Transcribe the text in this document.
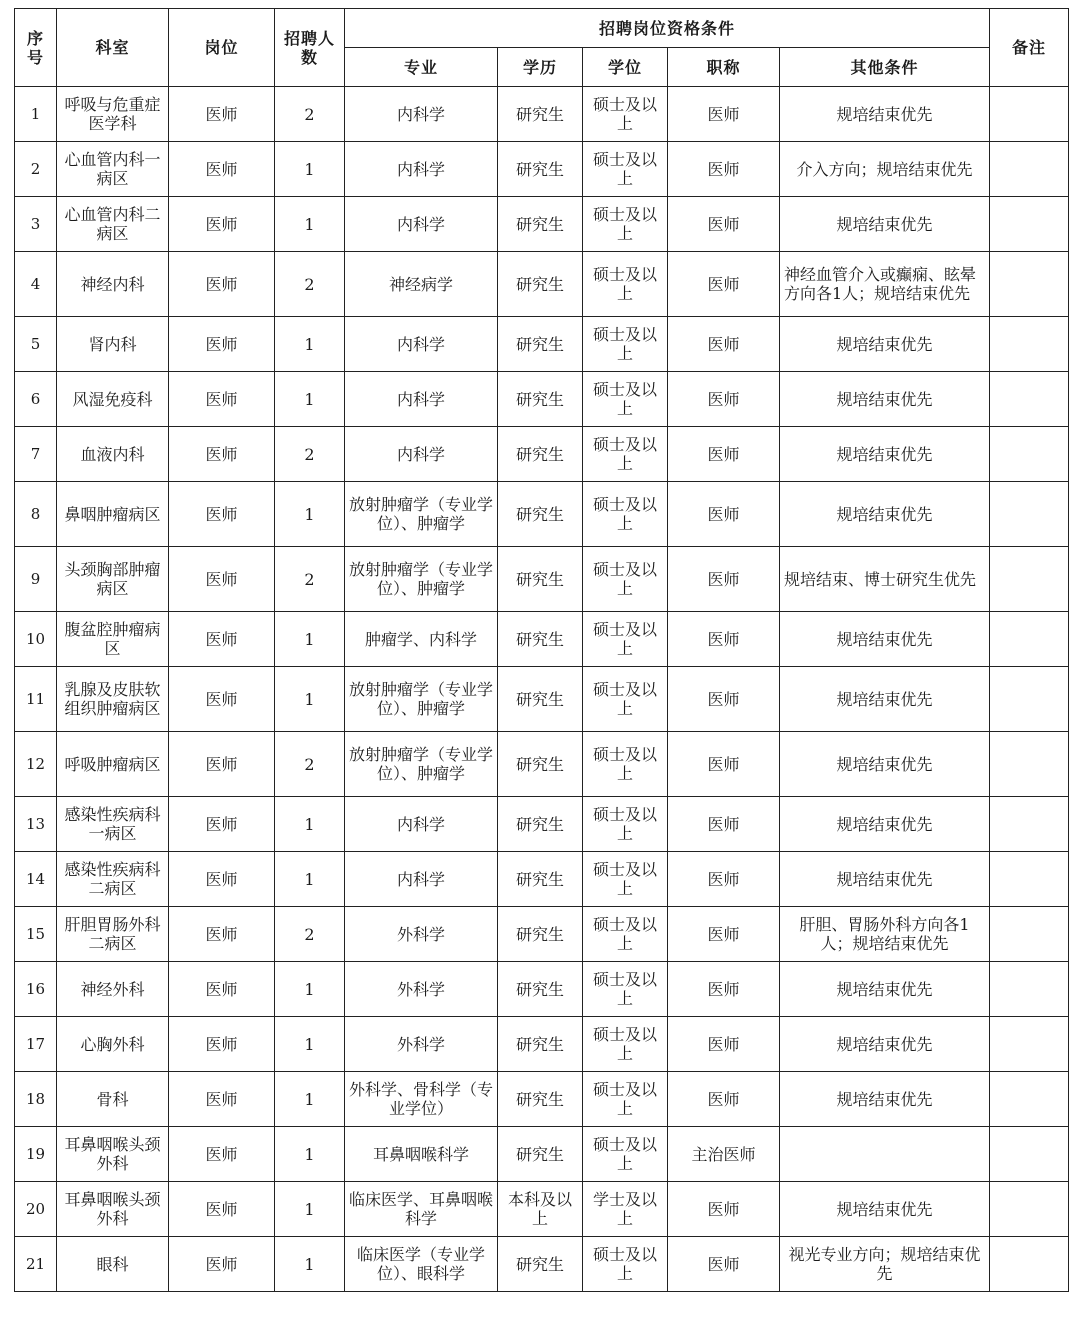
序号	科室	岗位	招聘人数	招聘岗位资格条件					备注
				专业	学历	学位	职称	其他条件	
1	呼吸与危重症医学科	医师	2	内科学	研究生	硕士及以上	医师	规培结束优先	
2	心血管内科一病区	医师	1	内科学	研究生	硕士及以上	医师	介入方向；规培结束优先	
3	心血管内科二病区	医师	1	内科学	研究生	硕士及以上	医师	规培结束优先	
4	神经内科	医师	2	神经病学	研究生	硕士及以上	医师	神经血管介入或癫痫、眩晕方向各1人；规培结束优先	
5	肾内科	医师	1	内科学	研究生	硕士及以上	医师	规培结束优先	
6	风湿免疫科	医师	1	内科学	研究生	硕士及以上	医师	规培结束优先	
7	血液内科	医师	2	内科学	研究生	硕士及以上	医师	规培结束优先	
8	鼻咽肿瘤病区	医师	1	放射肿瘤学（专业学位）、肿瘤学	研究生	硕士及以上	医师	规培结束优先	
9	头颈胸部肿瘤病区	医师	2	放射肿瘤学（专业学位）、肿瘤学	研究生	硕士及以上	医师	规培结束、博士研究生优先	
10	腹盆腔肿瘤病区	医师	1	肿瘤学、内科学	研究生	硕士及以上	医师	规培结束优先	
11	乳腺及皮肤软组织肿瘤病区	医师	1	放射肿瘤学（专业学位）、肿瘤学	研究生	硕士及以上	医师	规培结束优先	
12	呼吸肿瘤病区	医师	2	放射肿瘤学（专业学位）、肿瘤学	研究生	硕士及以上	医师	规培结束优先	
13	感染性疾病科一病区	医师	1	内科学	研究生	硕士及以上	医师	规培结束优先	
14	感染性疾病科二病区	医师	1	内科学	研究生	硕士及以上	医师	规培结束优先	
15	肝胆胃肠外科二病区	医师	2	外科学	研究生	硕士及以上	医师	肝胆、胃肠外科方向各1人；规培结束优先	
16	神经外科	医师	1	外科学	研究生	硕士及以上	医师	规培结束优先	
17	心胸外科	医师	1	外科学	研究生	硕士及以上	医师	规培结束优先	
18	骨科	医师	1	外科学、骨科学（专业学位）	研究生	硕士及以上	医师	规培结束优先	
19	耳鼻咽喉头颈外科	医师	1	耳鼻咽喉科学	研究生	硕士及以上	主治医师		
20	耳鼻咽喉头颈外科	医师	1	临床医学、耳鼻咽喉科学	本科及以上	学士及以上	医师	规培结束优先	
21	眼科	医师	1	临床医学（专业学位）、眼科学	研究生	硕士及以上	医师	视光专业方向；规培结束优先	
